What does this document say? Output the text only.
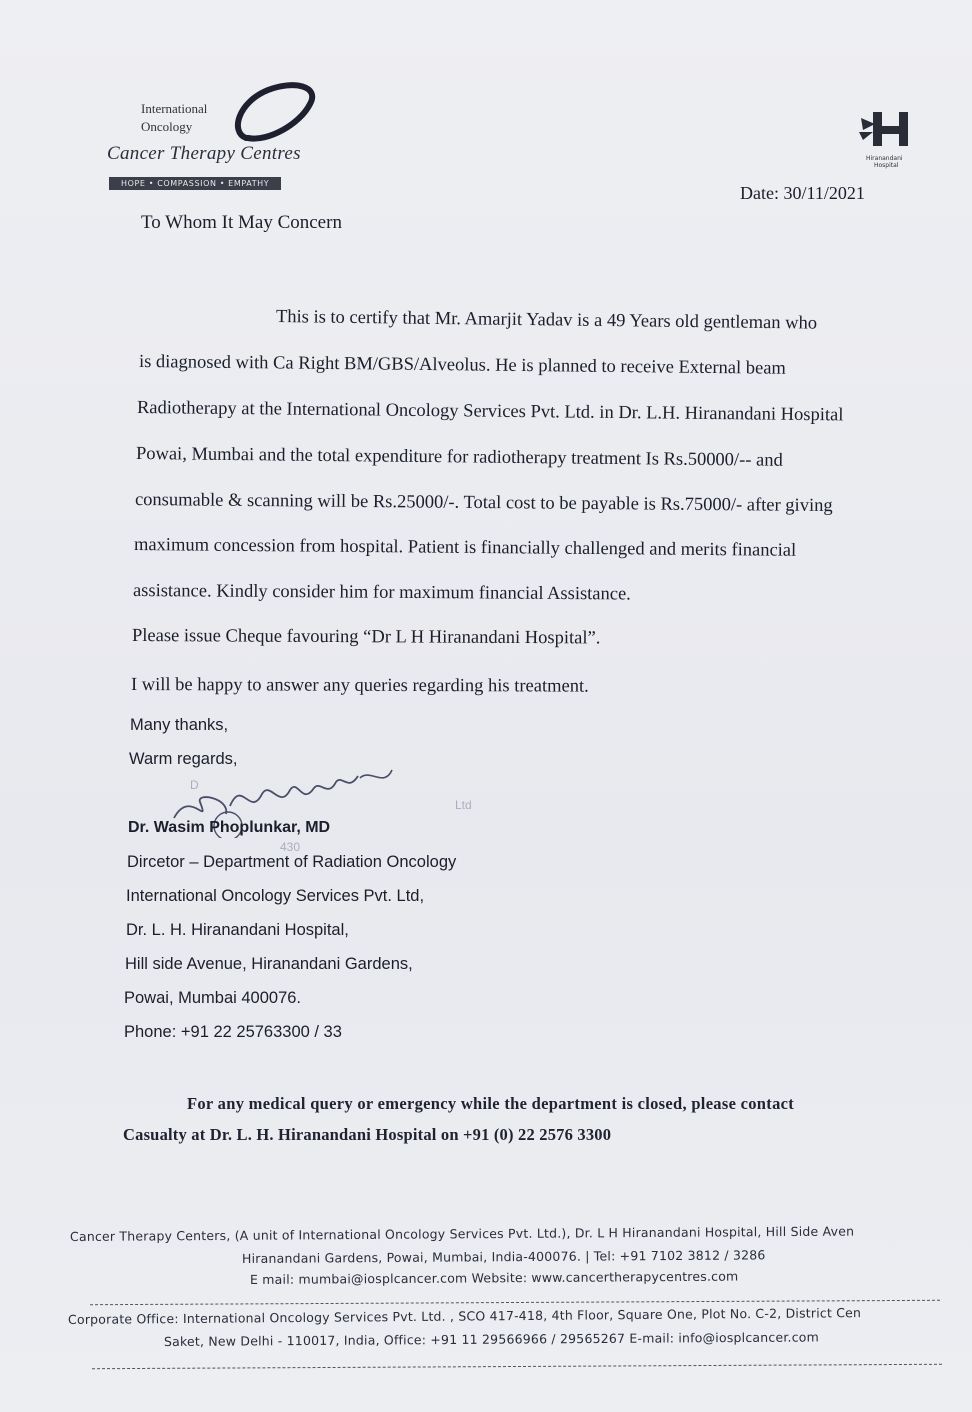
International
Oncology
Cancer Therapy Centres
HOPE • COMPASSION • EMPATHY
Hiranandani
Hospital
Date: 30/11/2021
To Whom It May Concern
This is to certify that Mr. Amarjit Yadav is a 49 Years old gentleman who
is diagnosed with Ca Right BM/GBS/Alveolus. He is planned to receive External beam
Radiotherapy at the International Oncology Services Pvt. Ltd. in Dr. L.H. Hiranandani Hospital
Powai, Mumbai and the total expenditure for radiotherapy treatment Is Rs.50000/-- and
consumable & scanning will be Rs.25000/-. Total cost to be payable is Rs.75000/- after giving
maximum concession from hospital. Patient is financially challenged and merits financial
assistance. Kindly consider him for maximum financial Assistance.
Please issue Cheque favouring “Dr L H Hiranandani Hospital”.
I will be happy to answer any queries regarding his treatment.
Many thanks,
Warm regards,
D
Ltd
430
Dr. Wasim Phoplunkar, MD
Dircetor – Department of Radiation Oncology
International Oncology Services Pvt. Ltd,
Dr. L. H. Hiranandani Hospital,
Hill side Avenue, Hiranandani Gardens,
Powai, Mumbai 400076.
Phone: +91 22 25763300 / 33
For any medical query or emergency while the department is closed, please contact
Casualty at Dr. L. H. Hiranandani Hospital on +91 (0) 22 2576 3300
Cancer Therapy Centers, (A unit of International Oncology Services Pvt. Ltd.), Dr. L H Hiranandani Hospital, Hill Side Aven
Hiranandani Gardens, Powai, Mumbai, India-400076. | Tel: +91 7102 3812 / 3286
E mail: mumbai@iosplcancer.com Website: www.cancertherapycentres.com
Corporate Office: International Oncology Services Pvt. Ltd. , SCO 417-418, 4th Floor, Square One, Plot No. C-2, District Cen
Saket, New Delhi - 110017, India, Office: +91 11 29566966 / 29565267 E-mail: info@iosplcancer.com
